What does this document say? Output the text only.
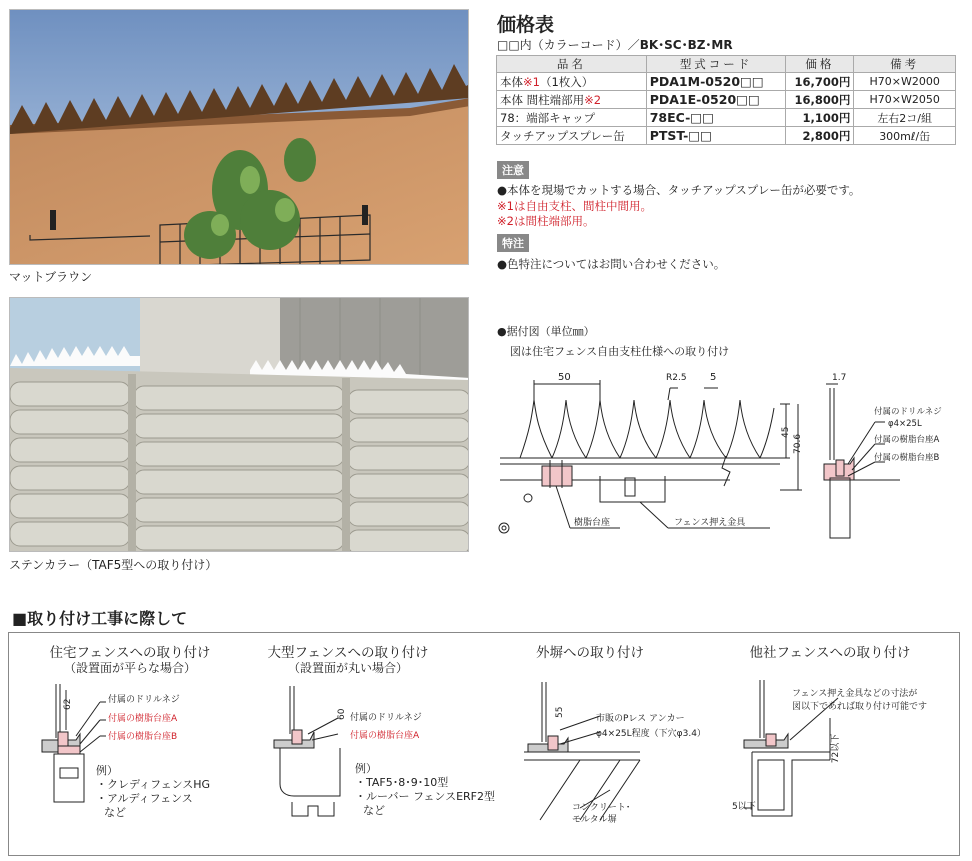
マットブラウン
ステンカラー（TAF5型への取り付け）
価格表
□□内（カラーコード）／BK･SC･BZ･MR
品名	型式コード	価格	備考
本体※1（1枚入）	PDA1M-0520□□	16,700円	H70×W2000
本体 間柱端部用※2	PDA1E-0520□□	16,800円	H70×W2050
78：端部キャップ	78EC-□□	1,100円	左右2コ/組
タッチアップスプレー缶	PTST-□□	2,800円	300mℓ/缶
注意
●本体を現場でカットする場合、タッチアップスプレー缶が必要です。
※1は自由支柱、間柱中間用。
※2は間柱端部用。
特注
●色特注についてはお問い合わせください。
●据付図（単位㎜）
図は住宅フェンス自由支柱仕様への取り付け
50	R2.5 5	1.7
45
70.6
樹脂台座	フェンス押え金具
付属のドリルネジ
φ4×25L
付属の樹脂台座A
付属の樹脂台座B
■取り付け工事に際して
住宅フェンスへの取り付け
（設置面が平らな場合）
62	付属のドリルネジ
付属の樹脂台座A
付属の樹脂台座B
例）
・クレディフェンスHG
・アルディフェンス
など
大型フェンスへの取り付け
（設置面が丸い場合）
60 付属のドリルネジ
付属の樹脂台座A
例）
・TAF5･8･9･10型
・ルーバー フェンスERF2型
など
外塀への取り付け
55
市販のPレス アンカー
φ4×25L程度（下穴φ3.4）
コンクリート･
モルタル塀
他社フェンスへの取り付け
フェンス押え金具などの寸法が
図以下であれば取り付け可能です
72以下
5以下
